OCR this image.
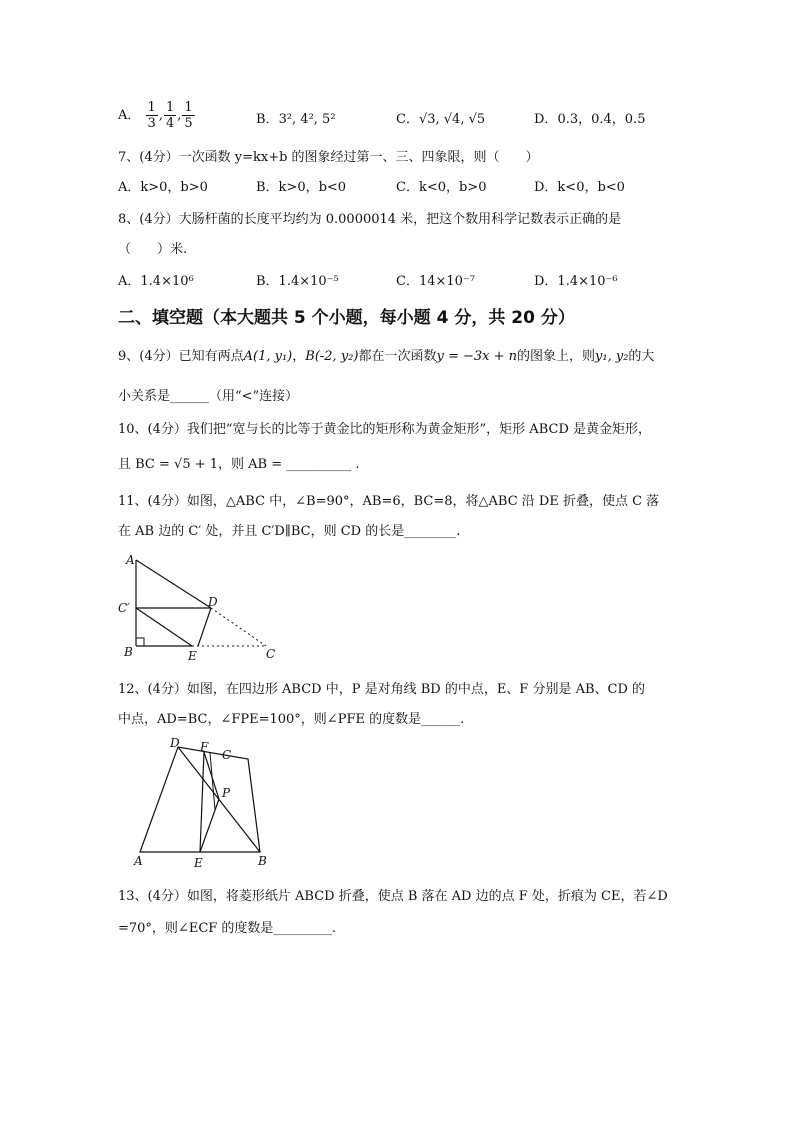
A． $\frac{1}{3}$ , $\frac{1}{4}$ , $\frac{1}{5}$	B．3², 4², 5²	C．√3, √4, √5	D．0.3，0.4，0.5
7、(4分）一次函数 y=kx+b 的图象经过第一、三、四象限，则（　　）
A．k>0，b>0	B．k>0，b<0	C．k<0，b>0	D．k<0，b<0
8、(4分）大肠杆菌的长度平均约为 0.0000014 米，把这个数用科学记数表示正确的是
（　　）米.
A．1.4×10⁶	B．1.4×10⁻⁵	C．14×10⁻⁷	D．1.4×10⁻⁶
二、填空题（本大题共 5 个小题，每小题 4 分，共 20 分）
9、(4分）已知有两点A(1, y₁)，B(-2, y₂)都在一次函数y = −3x + n的图象上，则y₁, y₂的大
小关系是______（用“<”连接）
10、(4分）我们把“宽与长的比等于黄金比的矩形称为黄金矩形”，矩形 ABCD 是黄金矩形，
且 BC = √5 + 1，则 AB = __________ .
11、(4分）如图，△ABC 中，∠B=90°，AB=6，BC=8，将△ABC 沿 DE 折叠，使点 C 落
在 AB 边的 C′ 处，并且 C′D∥BC，则 CD 的长是________.
A
C′
B
D
E	C
12、(4分）如图，在四边形 ABCD 中，P 是对角线 BD 的中点，E、F 分别是 AB、CD 的
中点，AD=BC，∠FPE=100°，则∠PFE 的度数是______.
D F
C
P
A	E	B
13、(4分）如图，将菱形纸片 ABCD 折叠，使点 B 落在 AD 边的点 F 处，折痕为 CE，若∠D
=70°，则∠ECF 的度数是_________.
